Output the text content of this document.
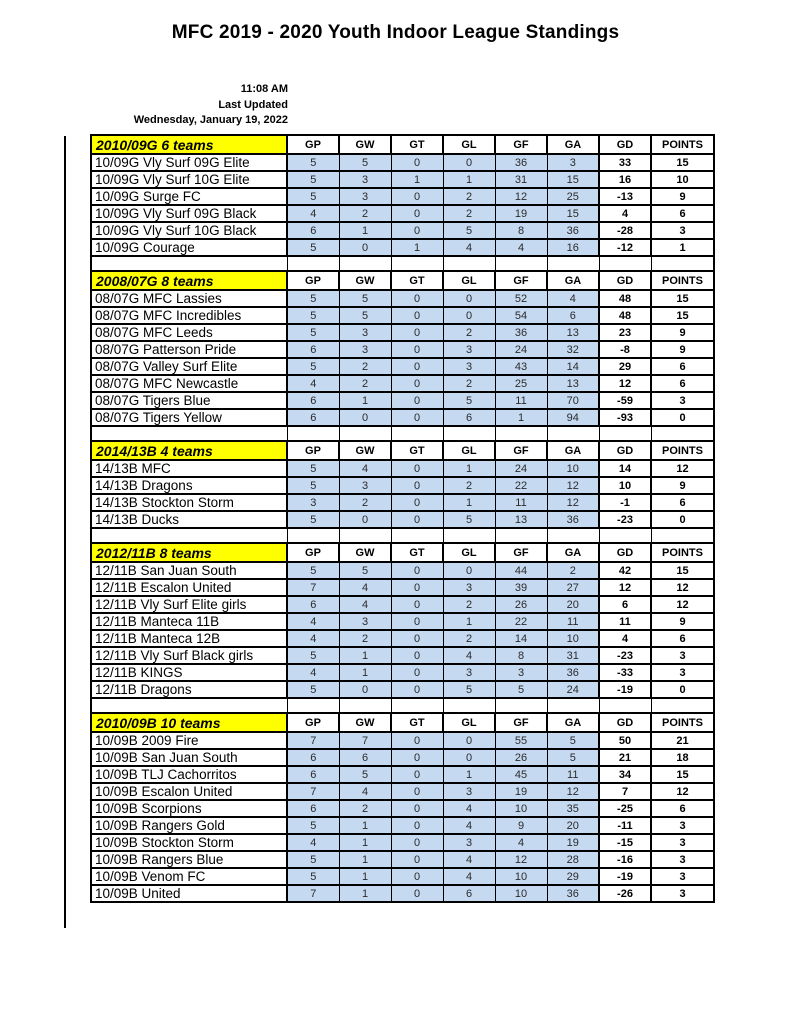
MFC 2019 - 2020 Youth Indoor League Standings
11:08 AM
Last Updated
Wednesday, January 19, 2022
2010/09G 6 teams	GP	GW	GT	GL	GF	GA	GD	POINTS
10/09G Vly Surf 09G Elite	5	5	0	0	36	3	33	15
10/09G Vly Surf 10G Elite	5	3	1	1	31	15	16	10
10/09G Surge FC	5	3	0	2	12	25	-13	9
10/09G Vly Surf 09G Black	4	2	0	2	19	15	4	6
10/09G Vly Surf 10G Black	6	1	0	5	8	36	-28	3
10/09G Courage	5	0	1	4	4	16	-12	1

2008/07G 8 teams	GP	GW	GT	GL	GF	GA	GD	POINTS
08/07G MFC Lassies	5	5	0	0	52	4	48	15
08/07G MFC Incredibles	5	5	0	0	54	6	48	15
08/07G MFC Leeds	5	3	0	2	36	13	23	9
08/07G Patterson Pride	6	3	0	3	24	32	-8	9
08/07G Valley Surf Elite	5	2	0	3	43	14	29	6
08/07G MFC Newcastle	4	2	0	2	25	13	12	6
08/07G Tigers Blue	6	1	0	5	11	70	-59	3
08/07G Tigers Yellow	6	0	0	6	1	94	-93	0

2014/13B 4 teams	GP	GW	GT	GL	GF	GA	GD	POINTS
14/13B MFC	5	4	0	1	24	10	14	12
14/13B Dragons	5	3	0	2	22	12	10	9
14/13B Stockton Storm	3	2	0	1	11	12	-1	6
14/13B Ducks	5	0	0	5	13	36	-23	0

2012/11B 8 teams	GP	GW	GT	GL	GF	GA	GD	POINTS
12/11B San Juan South	5	5	0	0	44	2	42	15
12/11B Escalon United	7	4	0	3	39	27	12	12
12/11B Vly Surf Elite girls	6	4	0	2	26	20	6	12
12/11B Manteca 11B	4	3	0	1	22	11	11	9
12/11B Manteca 12B	4	2	0	2	14	10	4	6
12/11B Vly Surf Black girls	5	1	0	4	8	31	-23	3
12/11B KINGS	4	1	0	3	3	36	-33	3
12/11B Dragons	5	0	0	5	5	24	-19	0

2010/09B 10 teams	GP	GW	GT	GL	GF	GA	GD	POINTS
10/09B 2009 Fire	7	7	0	0	55	5	50	21
10/09B San Juan South	6	6	0	0	26	5	21	18
10/09B TLJ Cachorritos	6	5	0	1	45	11	34	15
10/09B Escalon United	7	4	0	3	19	12	7	12
10/09B Scorpions	6	2	0	4	10	35	-25	6
10/09B Rangers Gold	5	1	0	4	9	20	-11	3
10/09B Stockton Storm	4	1	0	3	4	19	-15	3
10/09B Rangers Blue	5	1	0	4	12	28	-16	3
10/09B Venom FC	5	1	0	4	10	29	-19	3
10/09B United	7	1	0	6	10	36	-26	3
